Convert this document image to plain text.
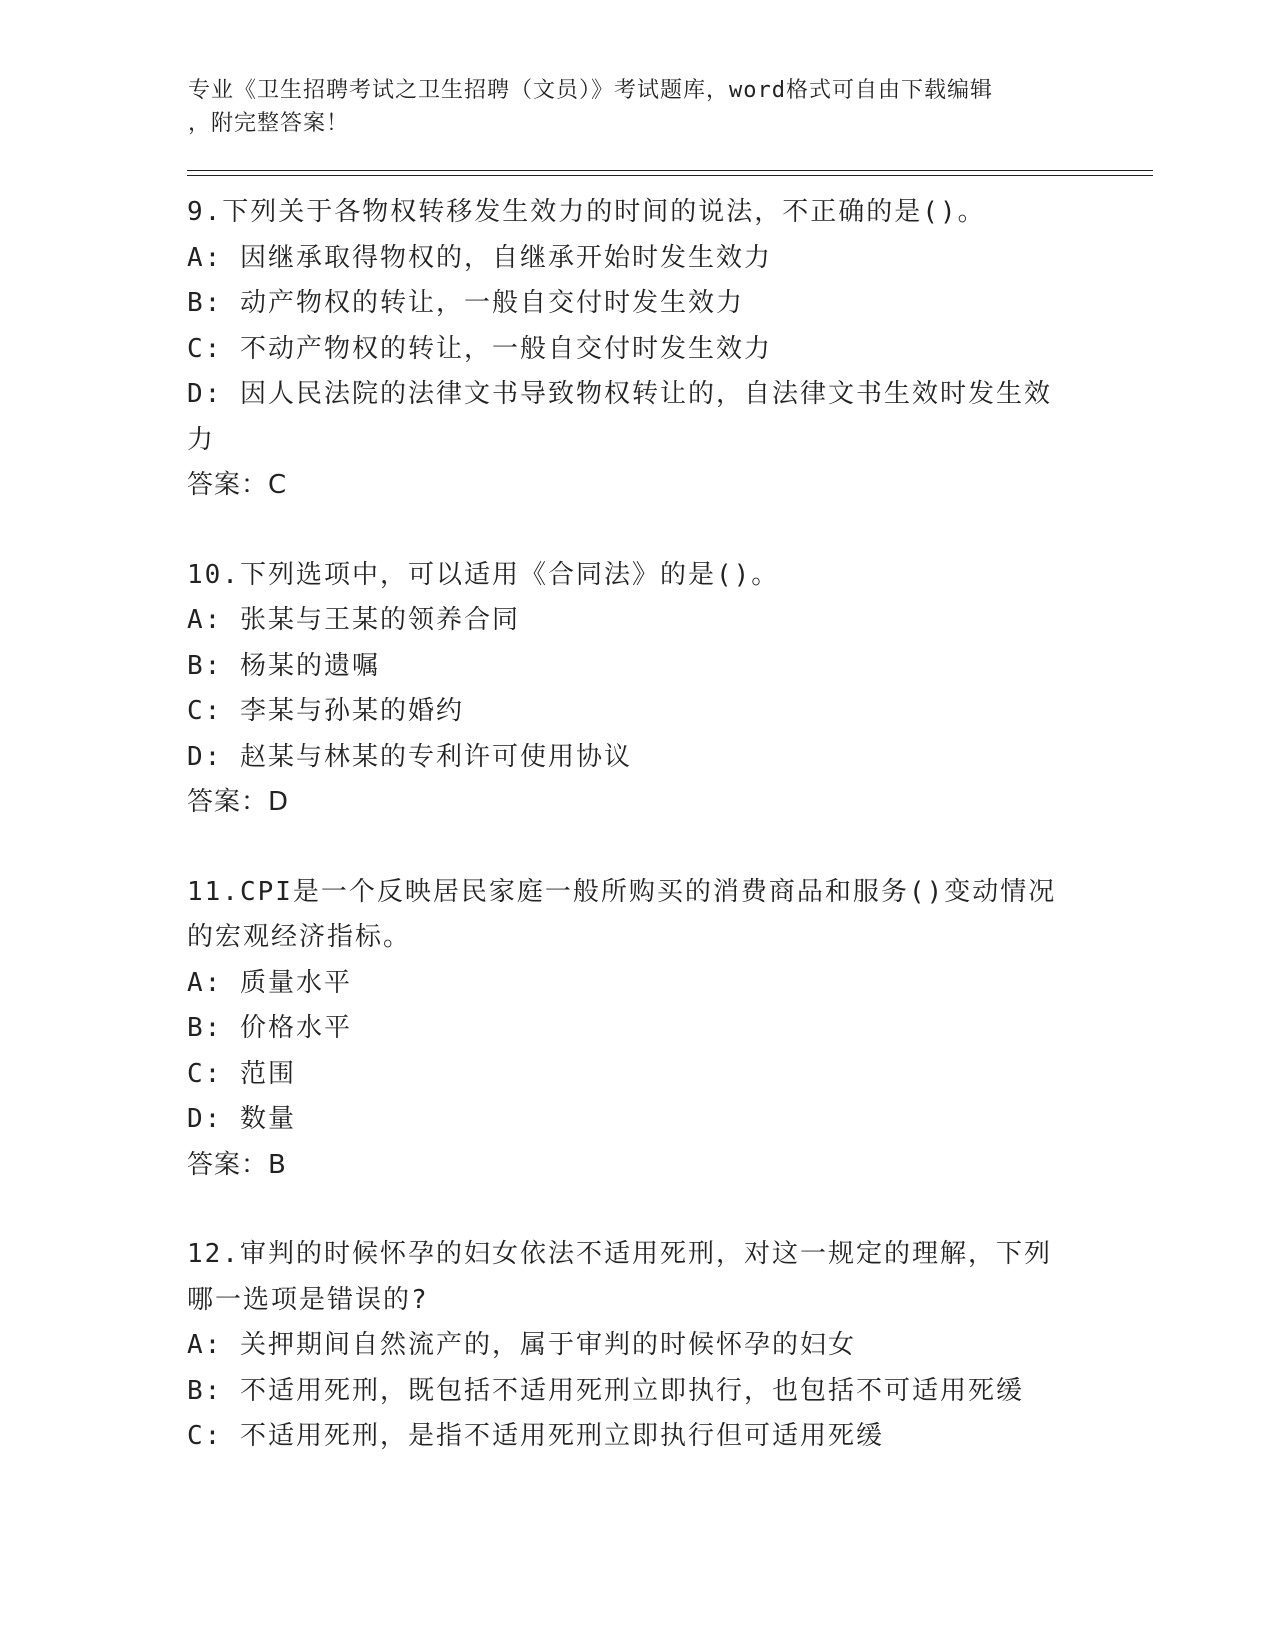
专业《卫生招聘考试之卫生招聘（文员）》考试题库，word格式可自由下载编辑
，附完整答案！
9.下列关于各物权转移发生效力的时间的说法，不正确的是()。
A: 因继承取得物权的，自继承开始时发生效力
B: 动产物权的转让，一般自交付时发生效力
C: 不动产物权的转让，一般自交付时发生效力
D: 因人民法院的法律文书导致物权转让的，自法律文书生效时发生效
力
答案：C
10.下列选项中，可以适用《合同法》的是()。
A: 张某与王某的领养合同
B: 杨某的遗嘱
C: 李某与孙某的婚约
D: 赵某与林某的专利许可使用协议
答案：D
11.CPI是一个反映居民家庭一般所购买的消费商品和服务()变动情况
的宏观经济指标。
A: 质量水平
B: 价格水平
C: 范围
D: 数量
答案：B
12.审判的时候怀孕的妇女依法不适用死刑，对这一规定的理解，下列
哪一选项是错误的?
A: 关押期间自然流产的，属于审判的时候怀孕的妇女
B: 不适用死刑，既包括不适用死刑立即执行，也包括不可适用死缓
C: 不适用死刑，是指不适用死刑立即执行但可适用死缓
